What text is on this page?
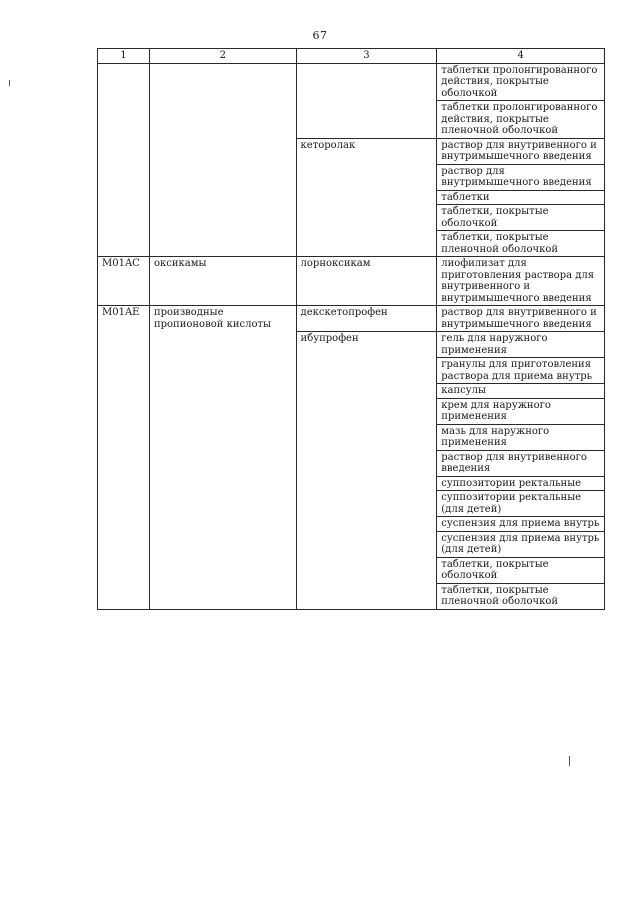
67
1	2	3	4
			таблетки пролонгированного действия, покрытые оболочкой
			таблетки пролонгированного действия, покрытые пленочной оболочкой
		кеторолак	раствор для внутривенного и внутримышечного введения
			раствор для внутримышечного введения
			таблетки
			таблетки, покрытые оболочкой
			таблетки, покрытые пленочной оболочкой
M01AC	оксикамы	лорноксикам	лиофилизат для приготовления раствора для внутривенного и внутримышечного введения
M01AE	производные пропионовой кислоты	декскетопрофен	раствор для внутривенного и внутримышечного введения
		ибупрофен	гель для наружного применения
			гранулы для приготовления раствора для приема внутрь
			капсулы
			крем для наружного применения
			мазь для наружного применения
			раствор для внутривенного введения
			суппозитории ректальные
			суппозитории ректальные (для детей)
			суспензия для приема внутрь
			суспензия для приема внутрь (для детей)
			таблетки, покрытые оболочкой
			таблетки, покрытые пленочной оболочкой
